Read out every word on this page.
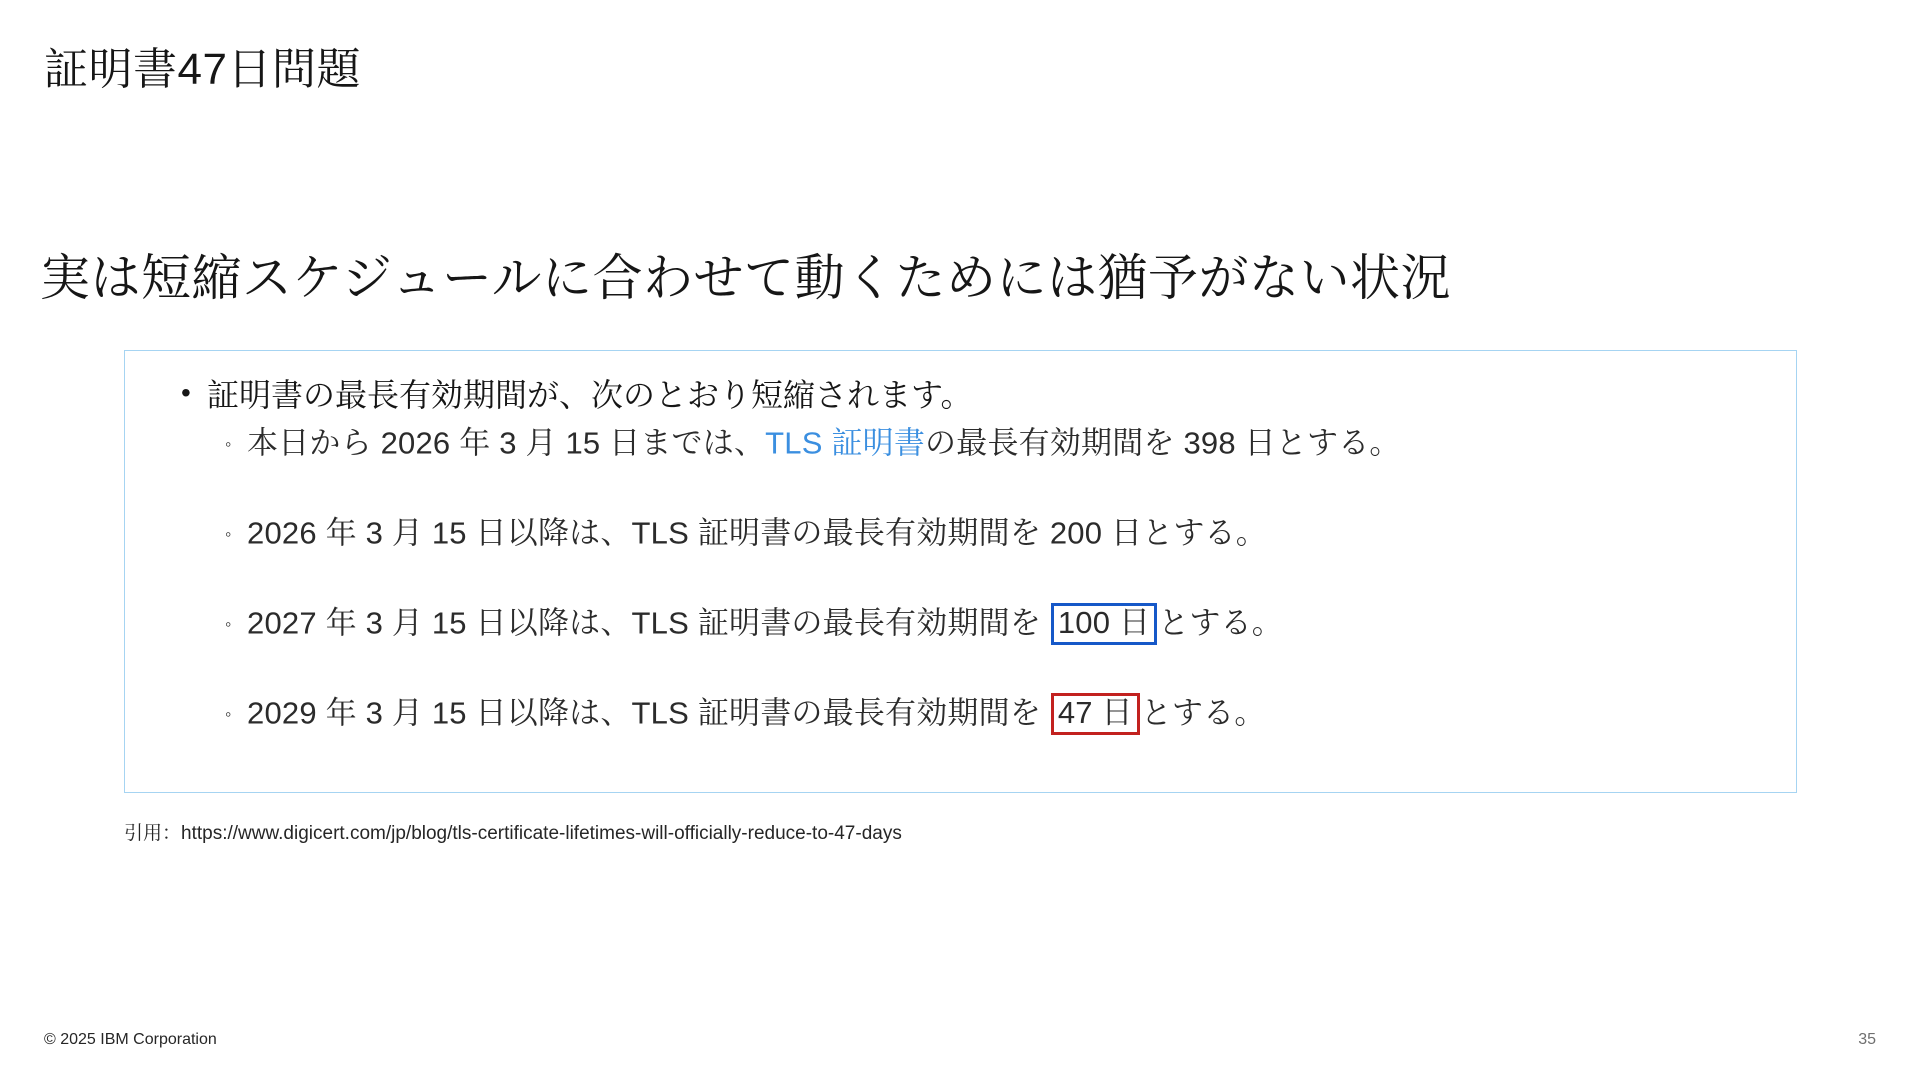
証明書47日問題
実は短縮スケジュールに合わせて動くためには猶予がない状況
• 証明書の最長有効期間が、次のとおり短縮されます。
◦ 本日から 2026 年 3 月 15 日までは、TLS 証明書の最長有効期間を 398 日とする。
◦ 2026 年 3 月 15 日以降は、TLS 証明書の最長有効期間を 200 日とする。
◦ 2027 年 3 月 15 日以降は、TLS 証明書の最長有効期間を 100 日 とする。
◦ 2029 年 3 月 15 日以降は、TLS 証明書の最長有効期間を 47 日 とする。
引用：https://www.digicert.com/jp/blog/tls-certificate-lifetimes-will-officially-reduce-to-47-days
© 2025 IBM Corporation	35
